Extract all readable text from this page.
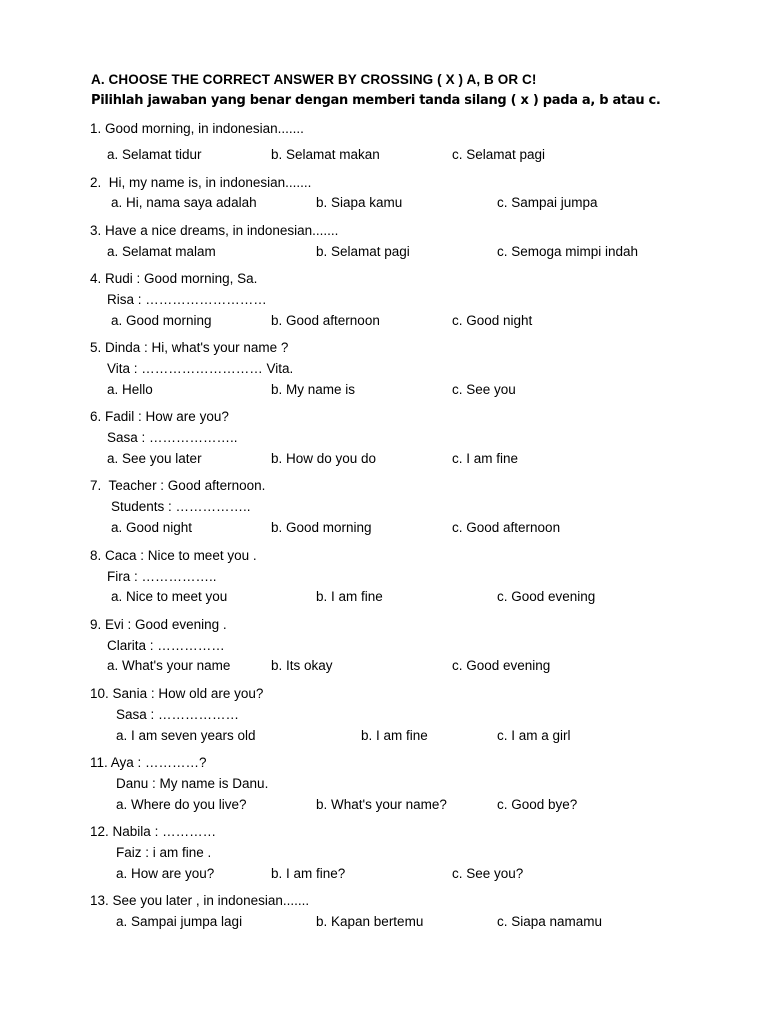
A. CHOOSE THE CORRECT ANSWER BY CROSSING ( X ) A, B OR C!
Pilihlah jawaban yang benar dengan memberi tanda silang ( x ) pada a, b atau c.
1. Good morning, in indonesian.......
a. Selamat tidur	b. Selamat makan	c. Selamat pagi
2. Hi, my name is, in indonesian.......
a. Hi, nama saya adalah	b. Siapa kamu	c. Sampai jumpa
3. Have a nice dreams, in indonesian.......
a. Selamat malam	b. Selamat pagi	c. Semoga mimpi indah
4. Rudi : Good morning, Sa.
Risa : ………………………
a. Good morning	b. Good afternoon	c. Good night
5. Dinda : Hi, what's your name ?
Vita : ……………………… Vita.
a. Hello	b. My name is	c. See you
6. Fadil : How are you?
Sasa : ………………..
a. See you later	b. How do you do	c. I am fine
7. Teacher : Good afternoon.
Students : ……………..
a. Good night	b. Good morning	c. Good afternoon
8. Caca : Nice to meet you .
Fira : ……………..
a. Nice to meet you	b. I am fine	c. Good evening
9. Evi : Good evening .
Clarita : ……………
a. What's your name	b. Its okay	c. Good evening
10. Sania : How old are you?
Sasa : ………………
a. I am seven years old	b. I am fine	c. I am a girl
11. Aya : …………?
Danu : My name is Danu.
a. Where do you live?	b. What's your name?	c. Good bye?
12. Nabila : …………
Faiz : i am fine .
a. How are you?	b. I am fine?	c. See you?
13. See you later , in indonesian.......
a. Sampai jumpa lagi	b. Kapan bertemu	c. Siapa namamu
